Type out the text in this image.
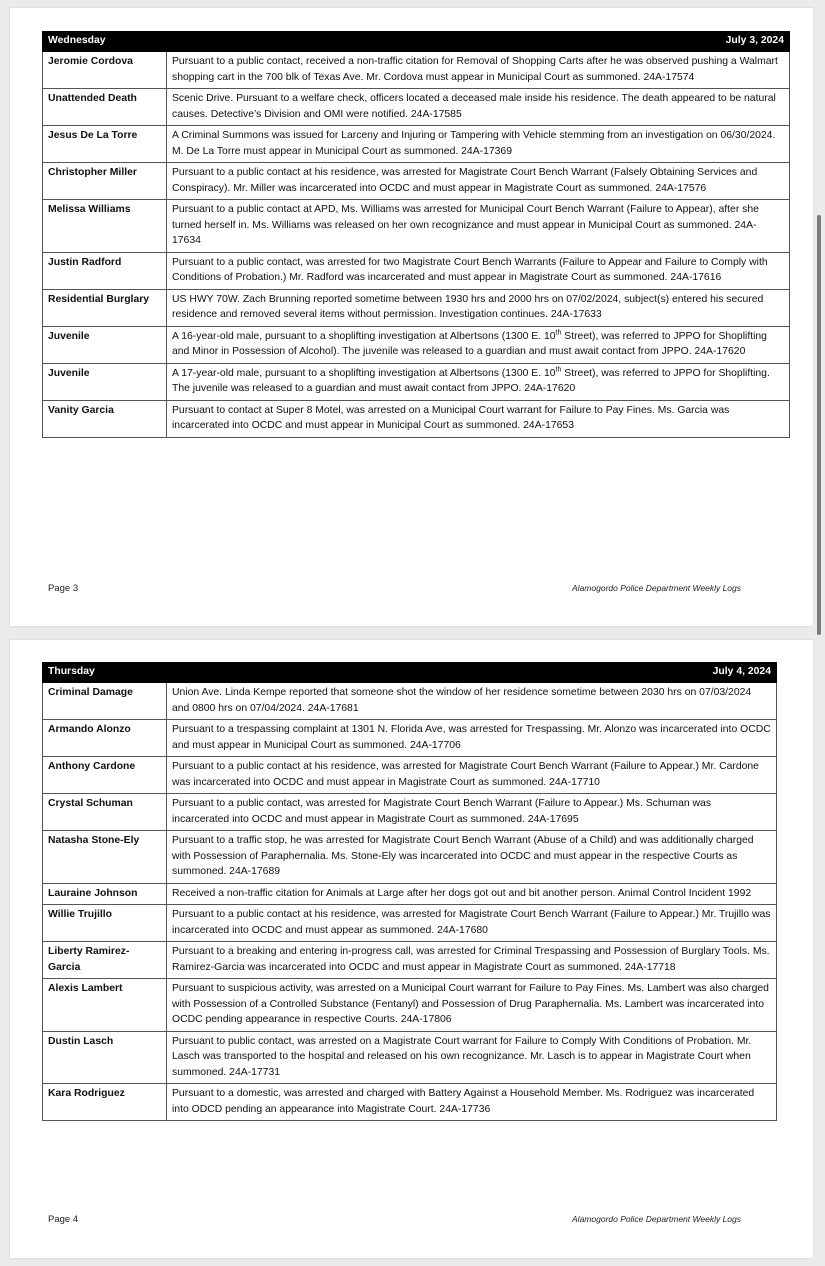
Wednesday	July 3, 2024
Jeromie Cordova	Pursuant to a public contact, received a non-traffic citation for Removal of Shopping Carts after he was observed pushing a Walmart shopping cart in the 700 blk of Texas Ave. Mr. Cordova must appear in Municipal Court as summoned. 24A-17574
Unattended Death	Scenic Drive. Pursuant to a welfare check, officers located a deceased male inside his residence. The death appeared to be natural causes. Detective’s Division and OMI were notified. 24A-17585
Jesus De La Torre	A Criminal Summons was issued for Larceny and Injuring or Tampering with Vehicle stemming from an investigation on 06/30/2024. M. De La Torre must appear in Municipal Court as summoned. 24A-17369
Christopher Miller	Pursuant to a public contact at his residence, was arrested for Magistrate Court Bench Warrant (Falsely Obtaining Services and Conspiracy). Mr. Miller was incarcerated into OCDC and must appear in Magistrate Court as summoned. 24A-17576
Melissa Williams	Pursuant to a public contact at APD, Ms. Williams was arrested for Municipal Court Bench Warrant (Failure to Appear), after she turned herself in. Ms. Williams was released on her own recognizance and must appear in Municipal Court as summoned. 24A-17634
Justin Radford	Pursuant to a public contact, was arrested for two Magistrate Court Bench Warrants (Failure to Appear and Failure to Comply with Conditions of Probation.) Mr. Radford was incarcerated and must appear in Magistrate Court as summoned. 24A-17616
Residential Burglary	US HWY 70W. Zach Brunning reported sometime between 1930 hrs and 2000 hrs on 07/02/2024, subject(s) entered his secured residence and removed several items without permission. Investigation continues. 24A-17633
Juvenile	A 16-year-old male, pursuant to a shoplifting investigation at Albertsons (1300 E. 10th Street), was referred to JPPO for Shoplifting and Minor in Possession of Alcohol). The juvenile was released to a guardian and must await contact from JPPO. 24A-17620
Juvenile	A 17-year-old male, pursuant to a shoplifting investigation at Albertsons (1300 E. 10th Street), was referred to JPPO for Shoplifting. The juvenile was released to a guardian and must await contact from JPPO. 24A-17620
Vanity Garcia	Pursuant to contact at Super 8 Motel, was arrested on a Municipal Court warrant for Failure to Pay Fines. Ms. Garcia was incarcerated into OCDC and must appear in Municipal Court as summoned. 24A-17653
Page 3	Alamogordo Police Department Weekly Logs
Thursday	July 4, 2024
Criminal Damage	Union Ave. Linda Kempe reported that someone shot the window of her residence sometime between 2030 hrs on 07/03/2024 and 0800 hrs on 07/04/2024. 24A-17681
Armando Alonzo	Pursuant to a trespassing complaint at 1301 N. Florida Ave, was arrested for Trespassing. Mr. Alonzo was incarcerated into OCDC and must appear in Municipal Court as summoned. 24A-17706
Anthony Cardone	Pursuant to a public contact at his residence, was arrested for Magistrate Court Bench Warrant (Failure to Appear.) Mr. Cardone was incarcerated into OCDC and must appear in Magistrate Court as summoned. 24A-17710
Crystal Schuman	Pursuant to a public contact, was arrested for Magistrate Court Bench Warrant (Failure to Appear.) Ms. Schuman was incarcerated into OCDC and must appear in Magistrate Court as summoned. 24A-17695
Natasha Stone-Ely	Pursuant to a traffic stop, he was arrested for Magistrate Court Bench Warrant (Abuse of a Child) and was additionally charged with Possession of Paraphernalia. Ms. Stone-Ely was incarcerated into OCDC and must appear in the respective Courts as summoned. 24A-17689
Lauraine Johnson	Received a non-traffic citation for Animals at Large after her dogs got out and bit another person. Animal Control Incident 1992
Willie Trujillo	Pursuant to a public contact at his residence, was arrested for Magistrate Court Bench Warrant (Failure to Appear.) Mr. Trujillo was incarcerated into OCDC and must appear as summoned. 24A-17680
Liberty Ramirez-Garcia	Pursuant to a breaking and entering in-progress call, was arrested for Criminal Trespassing and Possession of Burglary Tools. Ms. Ramirez-Garcia was incarcerated into OCDC and must appear in Magistrate Court as summoned. 24A-17718
Alexis Lambert	Pursuant to suspicious activity, was arrested on a Municipal Court warrant for Failure to Pay Fines. Ms. Lambert was also charged with Possession of a Controlled Substance (Fentanyl) and Possession of Drug Paraphernalia. Ms. Lambert was incarcerated into OCDC pending appearance in respective Courts. 24A-17806
Dustin Lasch	Pursuant to public contact, was arrested on a Magistrate Court warrant for Failure to Comply With Conditions of Probation. Mr. Lasch was transported to the hospital and released on his own recognizance. Mr. Lasch is to appear in Magistrate Court when summoned. 24A-17731
Kara Rodriguez	Pursuant to a domestic, was arrested and charged with Battery Against a Household Member. Ms. Rodriguez was incarcerated into ODCD pending an appearance into Magistrate Court. 24A-17736
Page 4	Alamogordo Police Department Weekly Logs
